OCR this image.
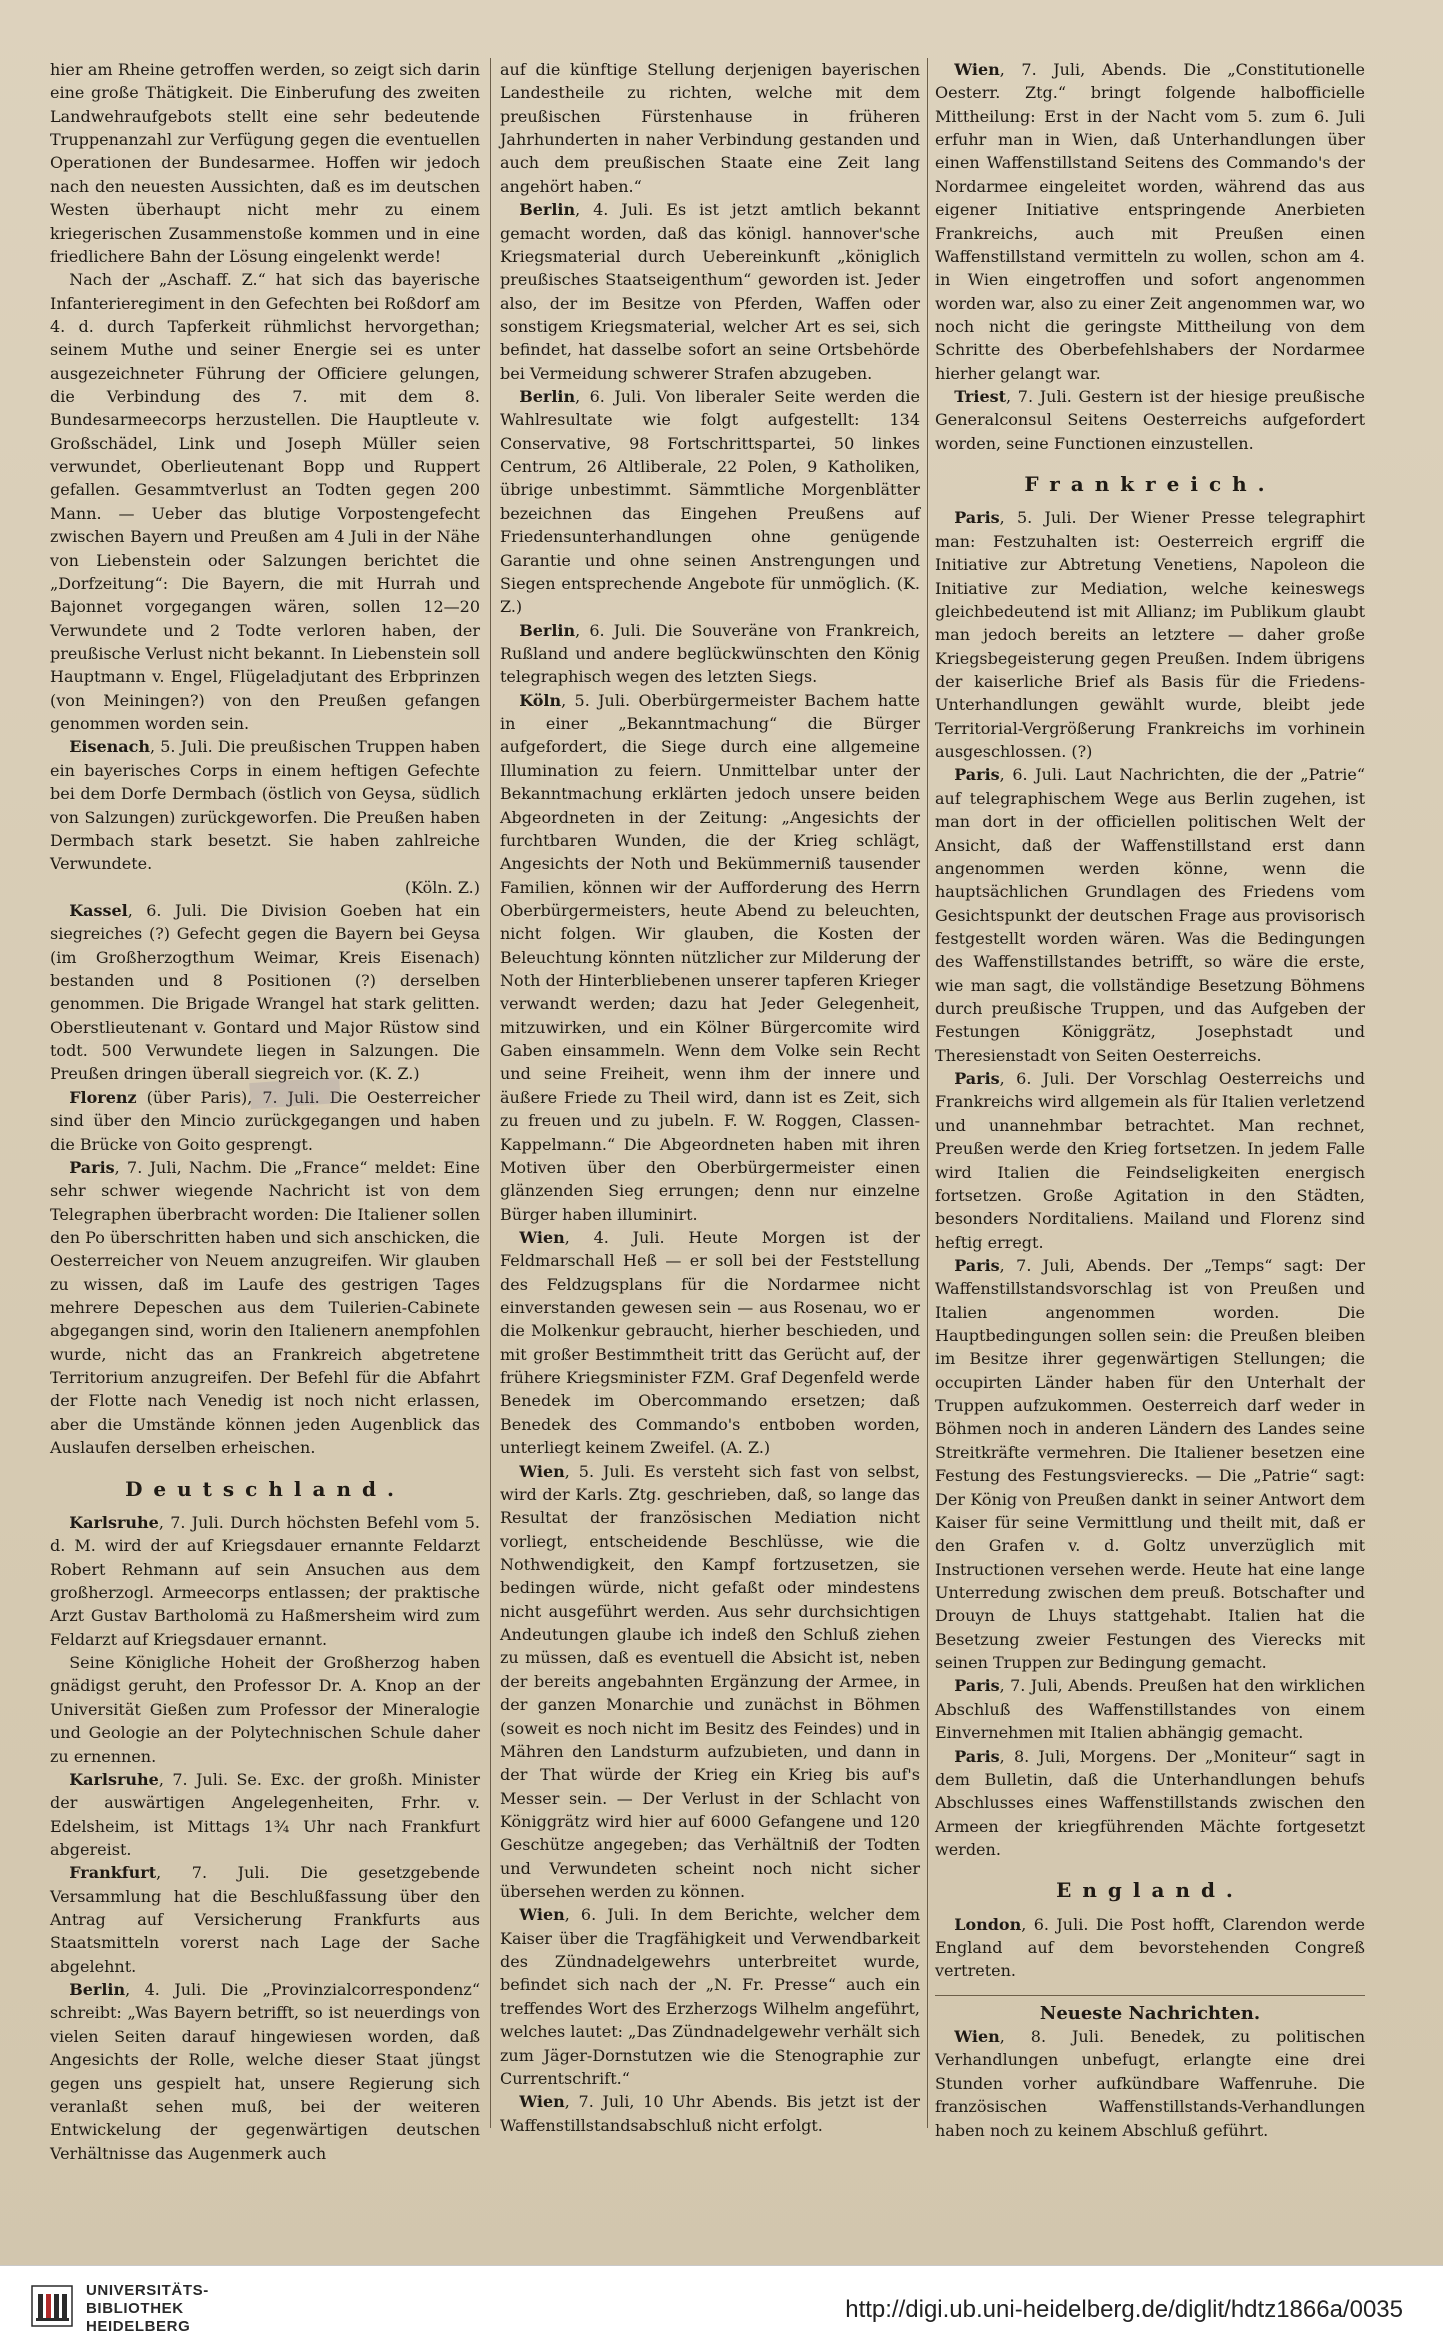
hier am Rheine getroffen werden, so zeigt sich darin eine große Thätigkeit. Die Einberufung des zweiten Landwehraufgebots stellt eine sehr bedeutende Truppenanzahl zur Verfügung gegen die eventuellen Operationen der Bundesarmee. Hoffen wir jedoch nach den neuesten Aussichten, daß es im deutschen Westen überhaupt nicht mehr zu einem kriegerischen Zusammenstoße kommen und in eine friedlichere Bahn der Lösung eingelenkt werde!

Nach der „Aschaff. Z.“ hat sich das bayerische Infanterieregiment in den Gefechten bei Roßdorf am 4. d. durch Tapferkeit rühmlichst hervorgethan; seinem Muthe und seiner Energie sei es unter ausgezeichneter Führung der Officiere gelungen, die Verbindung des 7. mit dem 8. Bundesarmeecorps herzustellen. Die Hauptleute v. Großschädel, Link und Joseph Müller seien verwundet, Oberlieutenant Bopp und Ruppert gefallen. Gesammtverlust an Todten gegen 200 Mann. — Ueber das blutige Vorpostengefecht zwischen Bayern und Preußen am 4 Juli in der Nähe von Liebenstein oder Salzungen berichtet die „Dorfzeitung“: Die Bayern, die mit Hurrah und Bajonnet vorgegangen wären, sollen 12—20 Verwundete und 2 Todte verloren haben, der preußische Verlust nicht bekannt. In Liebenstein soll Hauptmann v. Engel, Flügeladjutant des Erbprinzen (von Meiningen?) von den Preußen gefangen genommen worden sein.

Eisenach, 5. Juli. Die preußischen Truppen haben ein bayerisches Corps in einem heftigen Gefechte bei dem Dorfe Dermbach (östlich von Geysa, südlich von Salzungen) zurückgeworfen. Die Preußen haben Dermbach stark besetzt. Sie haben zahlreiche Verwundete.

(Köln. Z.)

Kassel, 6. Juli. Die Division Goeben hat ein siegreiches (?) Gefecht gegen die Bayern bei Geysa (im Großherzogthum Weimar, Kreis Eisenach) bestanden und 8 Positionen (?) derselben genommen. Die Brigade Wrangel hat stark gelitten. Oberstlieutenant v. Gontard und Major Rüstow sind todt. 500 Verwundete liegen in Salzungen. Die Preußen dringen überall siegreich vor. (K. Z.)

Florenz (über Paris), 7. Juli. Die Oesterreicher sind über den Mincio zurückgegangen und haben die Brücke von Goito gesprengt.

Paris, 7. Juli, Nachm. Die „France“ meldet: Eine sehr schwer wiegende Nachricht ist von dem Telegraphen überbracht worden: Die Italiener sollen den Po überschritten haben und sich anschicken, die Oesterreicher von Neuem anzugreifen. Wir glauben zu wissen, daß im Laufe des gestrigen Tages mehrere Depeschen aus dem Tuilerien-Cabinete abgegangen sind, worin den Italienern anempfohlen wurde, nicht das an Frankreich abgetretene Territorium anzugreifen. Der Befehl für die Abfahrt der Flotte nach Venedig ist noch nicht erlassen, aber die Umstände können jeden Augenblick das Auslaufen derselben erheischen.

Deutschland.

Karlsruhe, 7. Juli. Durch höchsten Befehl vom 5. d. M. wird der auf Kriegsdauer ernannte Feldarzt Robert Rehmann auf sein Ansuchen aus dem großherzogl. Armeecorps entlassen; der praktische Arzt Gustav Bartholomä zu Haßmersheim wird zum Feldarzt auf Kriegsdauer ernannt.

Seine Königliche Hoheit der Großherzog haben gnädigst geruht, den Professor Dr. A. Knop an der Universität Gießen zum Professor der Mineralogie und Geologie an der Polytechnischen Schule daher zu ernennen.

Karlsruhe, 7. Juli. Se. Exc. der großh. Minister der auswärtigen Angelegenheiten, Frhr. v. Edelsheim, ist Mittags 1¾ Uhr nach Frankfurt abgereist.

Frankfurt, 7. Juli. Die gesetzgebende Versammlung hat die Beschlußfassung über den Antrag auf Versicherung Frankfurts aus Staatsmitteln vorerst nach Lage der Sache abgelehnt.

Berlin, 4. Juli. Die „Provinzialcorrespondenz“ schreibt: „Was Bayern betrifft, so ist neuerdings von vielen Seiten darauf hingewiesen worden, daß Angesichts der Rolle, welche dieser Staat jüngst gegen uns gespielt hat, unsere Regierung sich veranlaßt sehen muß, bei der weiteren Entwickelung der gegenwärtigen deutschen Verhältnisse das Augenmerk auch

auf die künftige Stellung derjenigen bayerischen Landestheile zu richten, welche mit dem preußischen Fürstenhause in früheren Jahrhunderten in naher Verbindung gestanden und auch dem preußischen Staate eine Zeit lang angehört haben.“

Berlin, 4. Juli. Es ist jetzt amtlich bekannt gemacht worden, daß das königl. hannover'sche Kriegsmaterial durch Uebereinkunft „königlich preußisches Staatseigenthum“ geworden ist. Jeder also, der im Besitze von Pferden, Waffen oder sonstigem Kriegsmaterial, welcher Art es sei, sich befindet, hat dasselbe sofort an seine Ortsbehörde bei Vermeidung schwerer Strafen abzugeben.

Berlin, 6. Juli. Von liberaler Seite werden die Wahlresultate wie folgt aufgestellt: 134 Conservative, 98 Fortschrittspartei, 50 linkes Centrum, 26 Altliberale, 22 Polen, 9 Katholiken, übrige unbestimmt. Sämmtliche Morgenblätter bezeichnen das Eingehen Preußens auf Friedensunterhandlungen ohne genügende Garantie und ohne seinen Anstrengungen und Siegen entsprechende Angebote für unmöglich. (K. Z.)

Berlin, 6. Juli. Die Souveräne von Frankreich, Rußland und andere beglückwünschten den König telegraphisch wegen des letzten Siegs.

Köln, 5. Juli. Oberbürgermeister Bachem hatte in einer „Bekanntmachung“ die Bürger aufgefordert, die Siege durch eine allgemeine Illumination zu feiern. Unmittelbar unter der Bekanntmachung erklärten jedoch unsere beiden Abgeordneten in der Zeitung: „Angesichts der furchtbaren Wunden, die der Krieg schlägt, Angesichts der Noth und Bekümmerniß tausender Familien, können wir der Aufforderung des Herrn Oberbürgermeisters, heute Abend zu beleuchten, nicht folgen. Wir glauben, die Kosten der Beleuchtung könnten nützlicher zur Milderung der Noth der Hinterbliebenen unserer tapferen Krieger verwandt werden; dazu hat Jeder Gelegenheit, mitzuwirken, und ein Kölner Bürgercomite wird Gaben einsammeln. Wenn dem Volke sein Recht und seine Freiheit, wenn ihm der innere und äußere Friede zu Theil wird, dann ist es Zeit, sich zu freuen und zu jubeln. F. W. Roggen, Classen-Kappelmann.“ Die Abgeordneten haben mit ihren Motiven über den Oberbürgermeister einen glänzenden Sieg errungen; denn nur einzelne Bürger haben illuminirt.

Wien, 4. Juli. Heute Morgen ist der Feldmarschall Heß — er soll bei der Feststellung des Feldzugsplans für die Nordarmee nicht einverstanden gewesen sein — aus Rosenau, wo er die Molkenkur gebraucht, hierher beschieden, und mit großer Bestimmtheit tritt das Gerücht auf, der frühere Kriegsminister FZM. Graf Degenfeld werde Benedek im Obercommando ersetzen; daß Benedek des Commando's entboben worden, unterliegt keinem Zweifel. (A. Z.)

Wien, 5. Juli. Es versteht sich fast von selbst, wird der Karls. Ztg. geschrieben, daß, so lange das Resultat der französischen Mediation nicht vorliegt, entscheidende Beschlüsse, wie die Nothwendigkeit, den Kampf fortzusetzen, sie bedingen würde, nicht gefaßt oder mindestens nicht ausgeführt werden. Aus sehr durchsichtigen Andeutungen glaube ich indeß den Schluß ziehen zu müssen, daß es eventuell die Absicht ist, neben der bereits angebahnten Ergänzung der Armee, in der ganzen Monarchie und zunächst in Böhmen (soweit es noch nicht im Besitz des Feindes) und in Mähren den Landsturm aufzubieten, und dann in der That würde der Krieg ein Krieg bis auf's Messer sein. — Der Verlust in der Schlacht von Königgrätz wird hier auf 6000 Gefangene und 120 Geschütze angegeben; das Verhältniß der Todten und Verwundeten scheint noch nicht sicher übersehen werden zu können.

Wien, 6. Juli. In dem Berichte, welcher dem Kaiser über die Tragfähigkeit und Verwendbarkeit des Zündnadelgewehrs unterbreitet wurde, befindet sich nach der „N. Fr. Presse“ auch ein treffendes Wort des Erzherzogs Wilhelm angeführt, welches lautet: „Das Zündnadelgewehr verhält sich zum Jäger-Dornstutzen wie die Stenographie zur Currentschrift.“

Wien, 7. Juli, 10 Uhr Abends. Bis jetzt ist der Waffenstillstandsabschluß nicht erfolgt.

Wien, 7. Juli, Abends. Die „Constitutionelle Oesterr. Ztg.“ bringt folgende halbofficielle Mittheilung: Erst in der Nacht vom 5. zum 6. Juli erfuhr man in Wien, daß Unterhandlungen über einen Waffenstillstand Seitens des Commando's der Nordarmee eingeleitet worden, während das aus eigener Initiative entspringende Anerbieten Frankreichs, auch mit Preußen einen Waffenstillstand vermitteln zu wollen, schon am 4. in Wien eingetroffen und sofort angenommen worden war, also zu einer Zeit angenommen war, wo noch nicht die geringste Mittheilung von dem Schritte des Oberbefehlshabers der Nordarmee hierher gelangt war.

Triest, 7. Juli. Gestern ist der hiesige preußische Generalconsul Seitens Oesterreichs aufgefordert worden, seine Functionen einzustellen.

Frankreich.

Paris, 5. Juli. Der Wiener Presse telegraphirt man: Festzuhalten ist: Oesterreich ergriff die Initiative zur Abtretung Venetiens, Napoleon die Initiative zur Mediation, welche keineswegs gleichbedeutend ist mit Allianz; im Publikum glaubt man jedoch bereits an letztere — daher große Kriegsbegeisterung gegen Preußen. Indem übrigens der kaiserliche Brief als Basis für die Friedens-Unterhandlungen gewählt wurde, bleibt jede Territorial-Vergrößerung Frankreichs im vorhinein ausgeschlossen. (?)

Paris, 6. Juli. Laut Nachrichten, die der „Patrie“ auf telegraphischem Wege aus Berlin zugehen, ist man dort in der officiellen politischen Welt der Ansicht, daß der Waffenstillstand erst dann angenommen werden könne, wenn die hauptsächlichen Grundlagen des Friedens vom Gesichtspunkt der deutschen Frage aus provisorisch festgestellt worden wären. Was die Bedingungen des Waffenstillstandes betrifft, so wäre die erste, wie man sagt, die vollständige Besetzung Böhmens durch preußische Truppen, und das Aufgeben der Festungen Königgrätz, Josephstadt und Theresienstadt von Seiten Oesterreichs.

Paris, 6. Juli. Der Vorschlag Oesterreichs und Frankreichs wird allgemein als für Italien verletzend und unannehmbar betrachtet. Man rechnet, Preußen werde den Krieg fortsetzen. In jedem Falle wird Italien die Feindseligkeiten energisch fortsetzen. Große Agitation in den Städten, besonders Norditaliens. Mailand und Florenz sind heftig erregt.

Paris, 7. Juli, Abends. Der „Temps“ sagt: Der Waffenstillstandsvorschlag ist von Preußen und Italien angenommen worden. Die Hauptbedingungen sollen sein: die Preußen bleiben im Besitze ihrer gegenwärtigen Stellungen; die occupirten Länder haben für den Unterhalt der Truppen aufzukommen. Oesterreich darf weder in Böhmen noch in anderen Ländern des Landes seine Streitkräfte vermehren. Die Italiener besetzen eine Festung des Festungsvierecks. — Die „Patrie“ sagt: Der König von Preußen dankt in seiner Antwort dem Kaiser für seine Vermittlung und theilt mit, daß er den Grafen v. d. Goltz unverzüglich mit Instructionen versehen werde. Heute hat eine lange Unterredung zwischen dem preuß. Botschafter und Drouyn de Lhuys stattgehabt. Italien hat die Besetzung zweier Festungen des Vierecks mit seinen Truppen zur Bedingung gemacht.

Paris, 7. Juli, Abends. Preußen hat den wirklichen Abschluß des Waffenstillstandes von einem Einvernehmen mit Italien abhängig gemacht.

Paris, 8. Juli, Morgens. Der „Moniteur“ sagt in dem Bulletin, daß die Unterhandlungen behufs Abschlusses eines Waffenstillstands zwischen den Armeen der kriegführenden Mächte fortgesetzt werden.

England.

London, 6. Juli. Die Post hofft, Clarendon werde England auf dem bevorstehenden Congreß vertreten.

Neueste Nachrichten.

Wien, 8. Juli. Benedek, zu politischen Verhandlungen unbefugt, erlangte eine drei Stunden vorher aufkündbare Waffenruhe. Die französischen Waffenstillstands-Verhandlungen haben noch zu keinem Abschluß geführt.

UNIVERSITÄTS-
BIBLIOTHEK
HEIDELBERG
http://digi.ub.uni-heidelberg.de/diglit/hdtz1866a/0035
